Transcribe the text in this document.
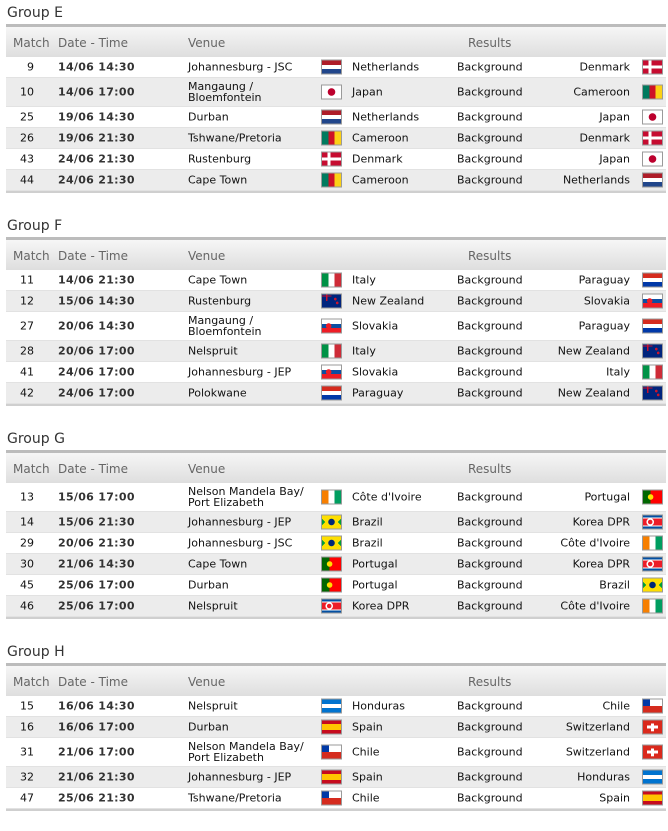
Group E
Match Date - Time	Venue	Results
9 14/06 14:30	Johannesburg - JSC	Netherlands	Background	Denmark
10 14/06 17:00	Mangaung / Bloemfontein	Japan	Background	Cameroon
25 19/06 14:30	Durban	Netherlands	Background	Japan
26 19/06 21:30	Tshwane/Pretoria	Cameroon	Background	Denmark
43 24/06 21:30	Rustenburg	Denmark	Background	Japan
44 24/06 21:30	Cape Town	Cameroon	Background	Netherlands
Group F
Match Date - Time	Venue	Results
11 14/06 21:30	Cape Town	Italy	Background	Paraguay
12 15/06 14:30	Rustenburg	New Zealand	Background	Slovakia
27 20/06 14:30	Mangaung / Bloemfontein	Slovakia	Background	Paraguay
28 20/06 17:00	Nelspruit	Italy	Background	New Zealand
41 24/06 17:00	Johannesburg - JEP	Slovakia	Background	Italy
42 24/06 17:00	Polokwane	Paraguay	Background	New Zealand
Group G
Match Date - Time	Venue	Results
13 15/06 17:00	Nelson Mandela Bay/ Port Elizabeth	Côte d'Ivoire	Background	Portugal
14 15/06 21:30	Johannesburg - JEP	Brazil	Background	Korea DPR
29 20/06 21:30	Johannesburg - JSC	Brazil	Background	Côte d'Ivoire
30 21/06 14:30	Cape Town	Portugal	Background	Korea DPR
45 25/06 17:00	Durban	Portugal	Background	Brazil
46 25/06 17:00	Nelspruit	Korea DPR	Background	Côte d'Ivoire
Group H
Match Date - Time	Venue	Results
15 16/06 14:30	Nelspruit	Honduras	Background	Chile
16 16/06 17:00	Durban	Spain	Background	Switzerland
31 21/06 17:00	Nelson Mandela Bay/ Port Elizabeth	Chile	Background	Switzerland
32 21/06 21:30	Johannesburg - JEP	Spain	Background	Honduras
47 25/06 21:30	Tshwane/Pretoria	Chile	Background	Spain
